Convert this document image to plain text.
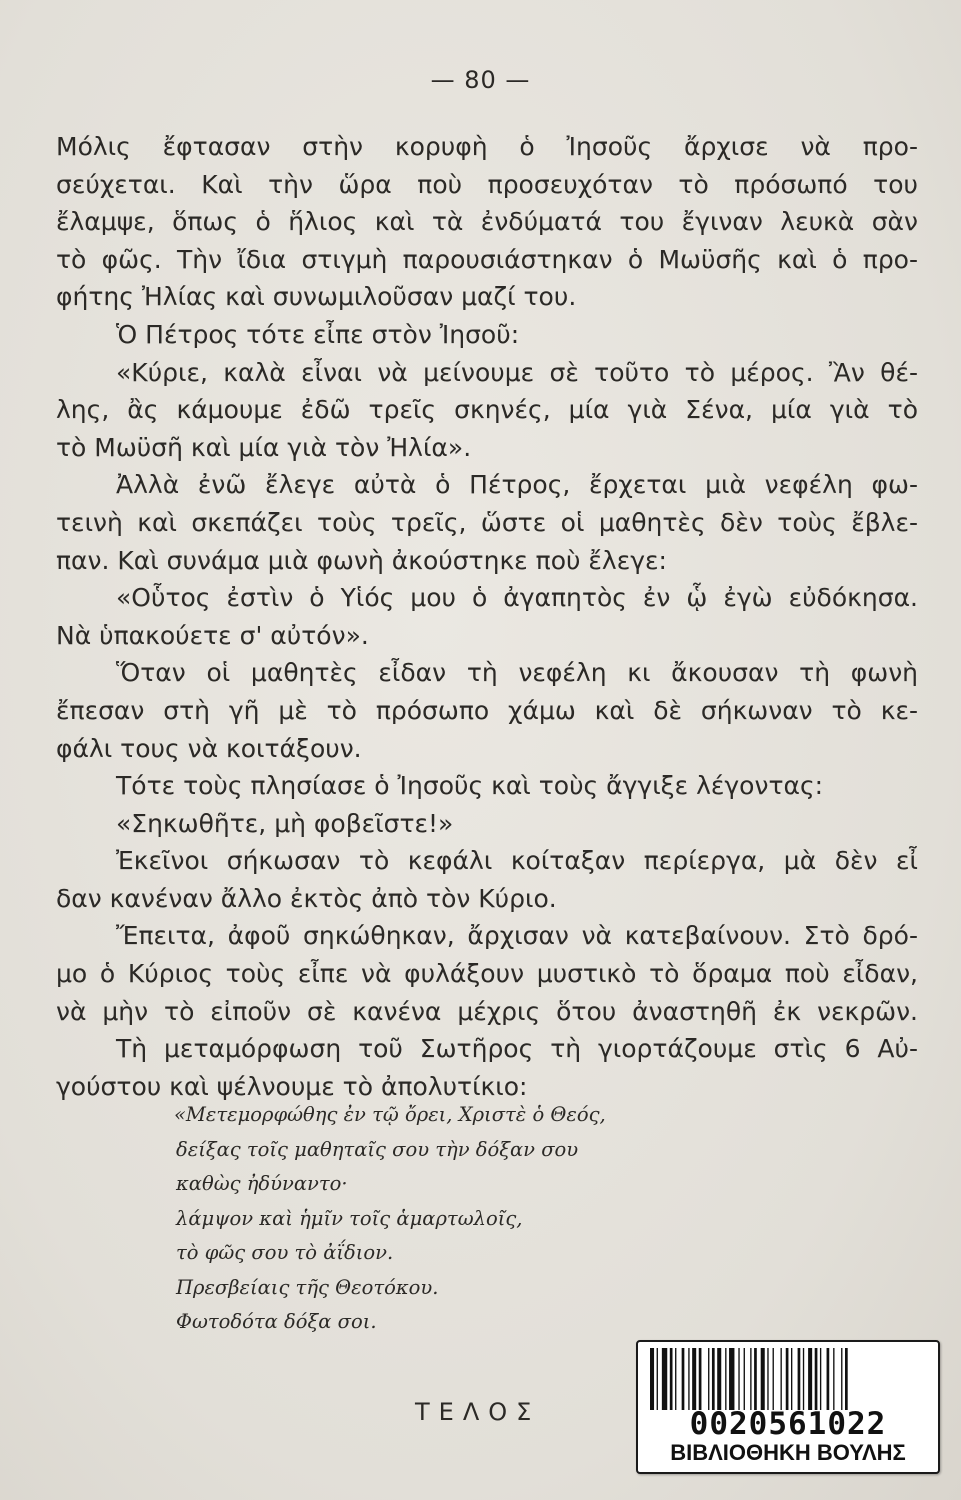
— 80 —
Μόλις ἔφτασαν στὴν κορυφὴ ὁ Ἰησοῦς ἄρχισε νὰ προ-
σεύχεται. Καὶ τὴν ὥρα ποὺ προσευχόταν τὸ πρόσωπό του
ἔλαμψε, ὅπως ὁ ἥλιος καὶ τὰ ἐνδύματά του ἔγιναν λευκὰ σὰν
τὸ φῶς. Τὴν ἴδια στιγμὴ παρουσιάστηκαν ὁ Μωϋσῆς καὶ ὁ προ-
φήτης Ἠλίας καὶ συνωμιλοῦσαν μαζί του.
Ὁ Πέτρος τότε εἶπε στὸν Ἰησοῦ:
«Κύριε, καλὰ εἶναι νὰ μείνουμε σὲ τοῦτο τὸ μέρος. Ἂν θέ-
λης, ἂς κάμουμε ἐδῶ τρεῖς σκηνές, μία γιὰ Σένα, μία γιὰ τὸ
τὸ Μωϋσῆ καὶ μία γιὰ τὸν Ἠλία».
Ἀλλὰ ἐνῶ ἔλεγε αὐτὰ ὁ Πέτρος, ἔρχεται μιὰ νεφέλη φω-
τεινὴ καὶ σκεπάζει τοὺς τρεῖς, ὥστε οἱ μαθητὲς δὲν τοὺς ἔβλε-
παν. Καὶ συνάμα μιὰ φωνὴ ἀκούστηκε ποὺ ἔλεγε:
«Οὗτος ἐστὶν ὁ Υἱός μου ὁ ἀγαπητὸς ἐν ᾧ ἐγὼ εὐδόκησα.
Νὰ ὑπακούετε σ' αὐτόν».
Ὅταν οἱ μαθητὲς εἶδαν τὴ νεφέλη κι ἄκουσαν τὴ φωνὴ
ἔπεσαν στὴ γῆ μὲ τὸ πρόσωπο χάμω καὶ δὲ σήκωναν τὸ κε-
φάλι τους νὰ κοιτάξουν.
Τότε τοὺς πλησίασε ὁ Ἰησοῦς καὶ τοὺς ἄγγιξε λέγοντας:
«Σηκωθῆτε, μὴ φοβεῖστε!»
Ἐκεῖνοι σήκωσαν τὸ κεφάλι κοίταξαν περίεργα, μὰ δὲν εἶ
δαν κανέναν ἄλλο ἐκτὸς ἀπὸ τὸν Κύριο.
Ἔπειτα, ἀφοῦ σηκώθηκαν, ἄρχισαν νὰ κατεβαίνουν. Στὸ δρό-
μο ὁ Κύριος τοὺς εἶπε νὰ φυλάξουν μυστικὸ τὸ ὅραμα ποὺ εἶδαν,
νὰ μὴν τὸ εἰποῦν σὲ κανένα μέχρις ὅτου ἀναστηθῆ ἐκ νεκρῶν.
Τὴ μεταμόρφωση τοῦ Σωτῆρος τὴ γιορτάζουμε στὶς 6 Αὐ-
γούστου καὶ ψέλνουμε τὸ ἀπολυτίκιο:
«Μετεμορφώθης ἐν τῷ ὄρει, Χριστὲ ὁ Θεός,
δείξας τοῖς μαθηταῖς σου τὴν δόξαν σου
καθὼς ἠδύναντο·
λάμψον καὶ ἡμῖν τοῖς ἁμαρτωλοῖς,
τὸ φῶς σου τὸ ἀΐδιον.
Πρεσβείαις τῆς Θεοτόκου.
Φωτοδότα δόξα σοι.
ΤΕΛΟΣ	0020561022
ΒΙΒΛΙΟΘΗΚΗ ΒΟΥΛΗΣ
